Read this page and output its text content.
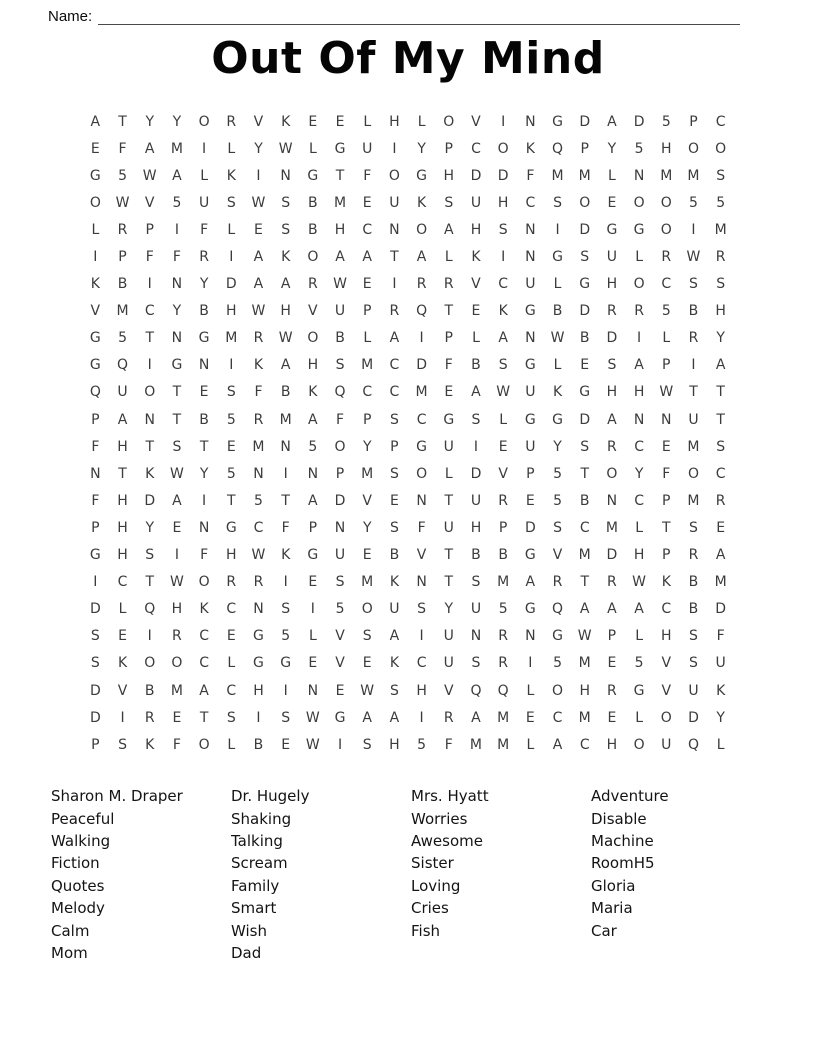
Name:
Out Of My Mind
A	T	Y	Y	O	R	V	K	E	E	L	H	L	O	V	I	N	G	D	A	D	5	P	C
E	F	A	M	I	L	Y	W	L	G	U	I	Y	P	C	O	K	Q	P	Y	5	H	O	O
G	5	W	A	L	K	I	N	G	T	F	O	G	H	D	D	F	M	M	L	N	M	M	S
O	W	V	5	U	S	W	S	B	M	E	U	K	S	U	H	C	S	O	E	O	O	5	5
L	R	P	I	F	L	E	S	B	H	C	N	O	A	H	S	N	I	D	G	G	O	I	M
I	P	F	F	R	I	A	K	O	A	A	T	A	L	K	I	N	G	S	U	L	R	W	R
K	B	I	N	Y	D	A	A	R	W	E	I	R	R	V	C	U	L	G	H	O	C	S	S
V	M	C	Y	B	H	W	H	V	U	P	R	Q	T	E	K	G	B	D	R	R	5	B	H
G	5	T	N	G	M	R	W	O	B	L	A	I	P	L	A	N	W	B	D	I	L	R	Y
G	Q	I	G	N	I	K	A	H	S	M	C	D	F	B	S	G	L	E	S	A	P	I	A
Q	U	O	T	E	S	F	B	K	Q	C	C	M	E	A	W	U	K	G	H	H	W	T	T
P	A	N	T	B	5	R	M	A	F	P	S	C	G	S	L	G	G	D	A	N	N	U	T
F	H	T	S	T	E	M	N	5	O	Y	P	G	U	I	E	U	Y	S	R	C	E	M	S
N	T	K	W	Y	5	N	I	N	P	M	S	O	L	D	V	P	5	T	O	Y	F	O	C
F	H	D	A	I	T	5	T	A	D	V	E	N	T	U	R	E	5	B	N	C	P	M	R
P	H	Y	E	N	G	C	F	P	N	Y	S	F	U	H	P	D	S	C	M	L	T	S	E
G	H	S	I	F	H	W	K	G	U	E	B	V	T	B	B	G	V	M	D	H	P	R	A
I	C	T	W	O	R	R	I	E	S	M	K	N	T	S	M	A	R	T	R	W	K	B	M
D	L	Q	H	K	C	N	S	I	5	O	U	S	Y	U	5	G	Q	A	A	A	C	B	D
S	E	I	R	C	E	G	5	L	V	S	A	I	U	N	R	N	G	W	P	L	H	S	F
S	K	O	O	C	L	G	G	E	V	E	K	C	U	S	R	I	5	M	E	5	V	S	U
D	V	B	M	A	C	H	I	N	E	W	S	H	V	Q	Q	L	O	H	R	G	V	U	K
D	I	R	E	T	S	I	S	W	G	A	A	I	R	A	M	E	C	M	E	L	O	D	Y
P	S	K	F	O	L	B	E	W	I	S	H	5	F	M	M	L	A	C	H	O	U	Q	L
Sharon M. Draper
Peaceful
Walking
Fiction
Quotes
Melody
Calm
Mom
Dr. Hugely
Shaking
Talking
Scream
Family
Smart
Wish
Dad
Mrs. Hyatt
Worries
Awesome
Sister
Loving
Cries
Fish
Adventure
Disable
Machine
RoomH5
Gloria
Maria
Car
